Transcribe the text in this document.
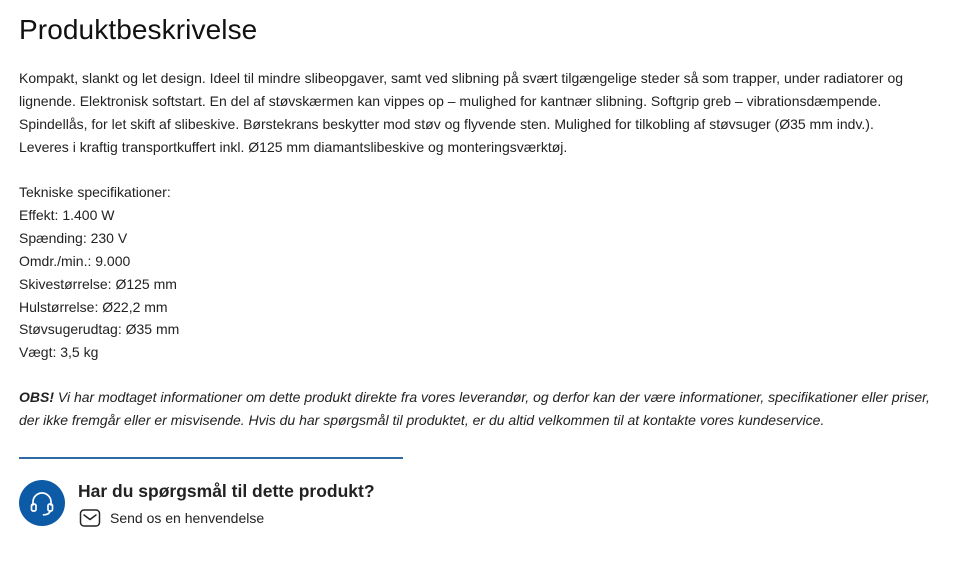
Produktbeskrivelse
Kompakt, slankt og let design. Ideel til mindre slibeopgaver, samt ved slibning på svært tilgængelige steder så som trapper, under radiatorer og
lignende. Elektronisk softstart. En del af støvskærmen kan vippes op – mulighed for kantnær slibning. Softgrip greb – vibrationsdæmpende.
Spindellås, for let skift af slibeskive. Børstekrans beskytter mod støv og flyvende sten. Mulighed for tilkobling af støvsuger (Ø35 mm indv.).
Leveres i kraftig transportkuffert inkl. Ø125 mm diamantslibeskive og monteringsværktøj.
Tekniske specifikationer:
Effekt: 1.400 W
Spænding: 230 V
Omdr./min.: 9.000
Skivestørrelse: Ø125 mm
Hulstørrelse: Ø22,2 mm
Støvsugerudtag: Ø35 mm
Vægt: 3,5 kg
OBS! Vi har modtaget informationer om dette produkt direkte fra vores leverandør, og derfor kan der være informationer, specifikationer eller priser,
der ikke fremgår eller er misvisende. Hvis du har spørgsmål til produktet, er du altid velkommen til at kontakte vores kundeservice.
Har du spørgsmål til dette produkt?
Send os en henvendelse
